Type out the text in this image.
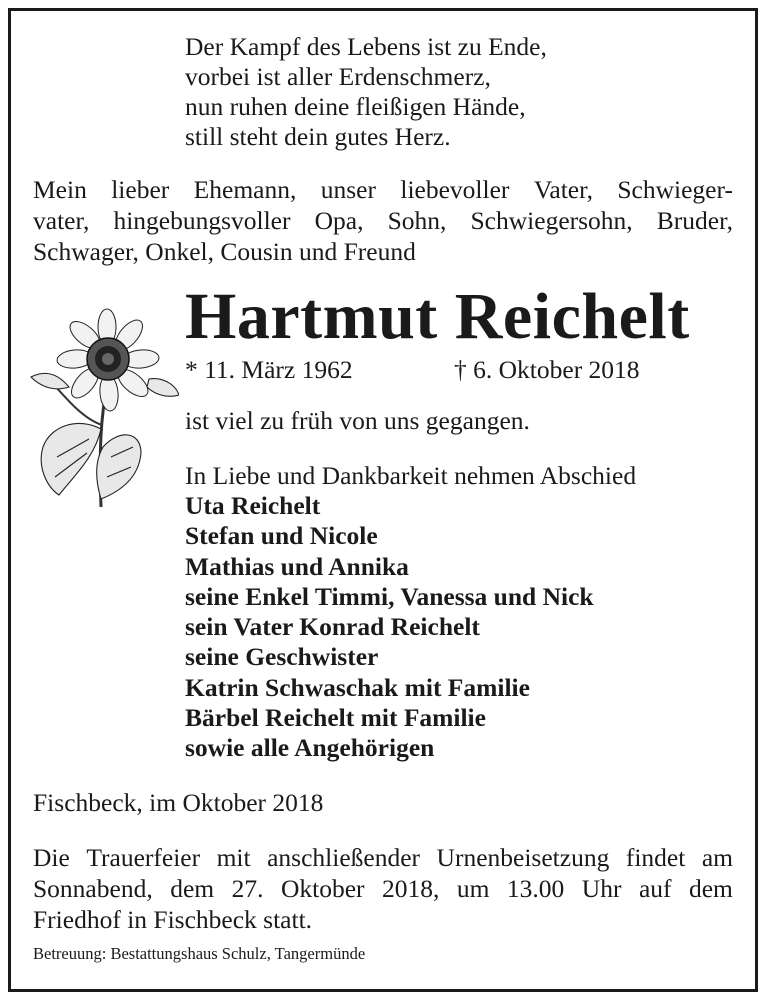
Der Kampf des Lebens ist zu Ende,
vorbei ist aller Erdenschmerz,
nun ruhen deine fleißigen Hände,
still steht dein gutes Herz.
Mein lieber Ehemann, unser liebevoller Vater, Schwieger-
vater, hingebungsvoller Opa, Sohn, Schwiegersohn, Bruder,
Schwager, Onkel, Cousin und Freund
Hartmut Reichelt
* 11. März 1962	† 6. Oktober 2018
ist viel zu früh von uns gegangen.
In Liebe und Dankbarkeit nehmen Abschied
Uta Reichelt
Stefan und Nicole
Mathias und Annika
seine Enkel Timmi, Vanessa und Nick
sein Vater Konrad Reichelt
seine Geschwister
Katrin Schwaschak mit Familie
Bärbel Reichelt mit Familie
sowie alle Angehörigen
Fischbeck, im Oktober 2018
Die Trauerfeier mit anschließender Urnenbeisetzung findet am
Sonnabend, dem 27. Oktober 2018, um 13.00 Uhr auf dem
Friedhof in Fischbeck statt.
Betreuung: Bestattungshaus Schulz, Tangermünde
